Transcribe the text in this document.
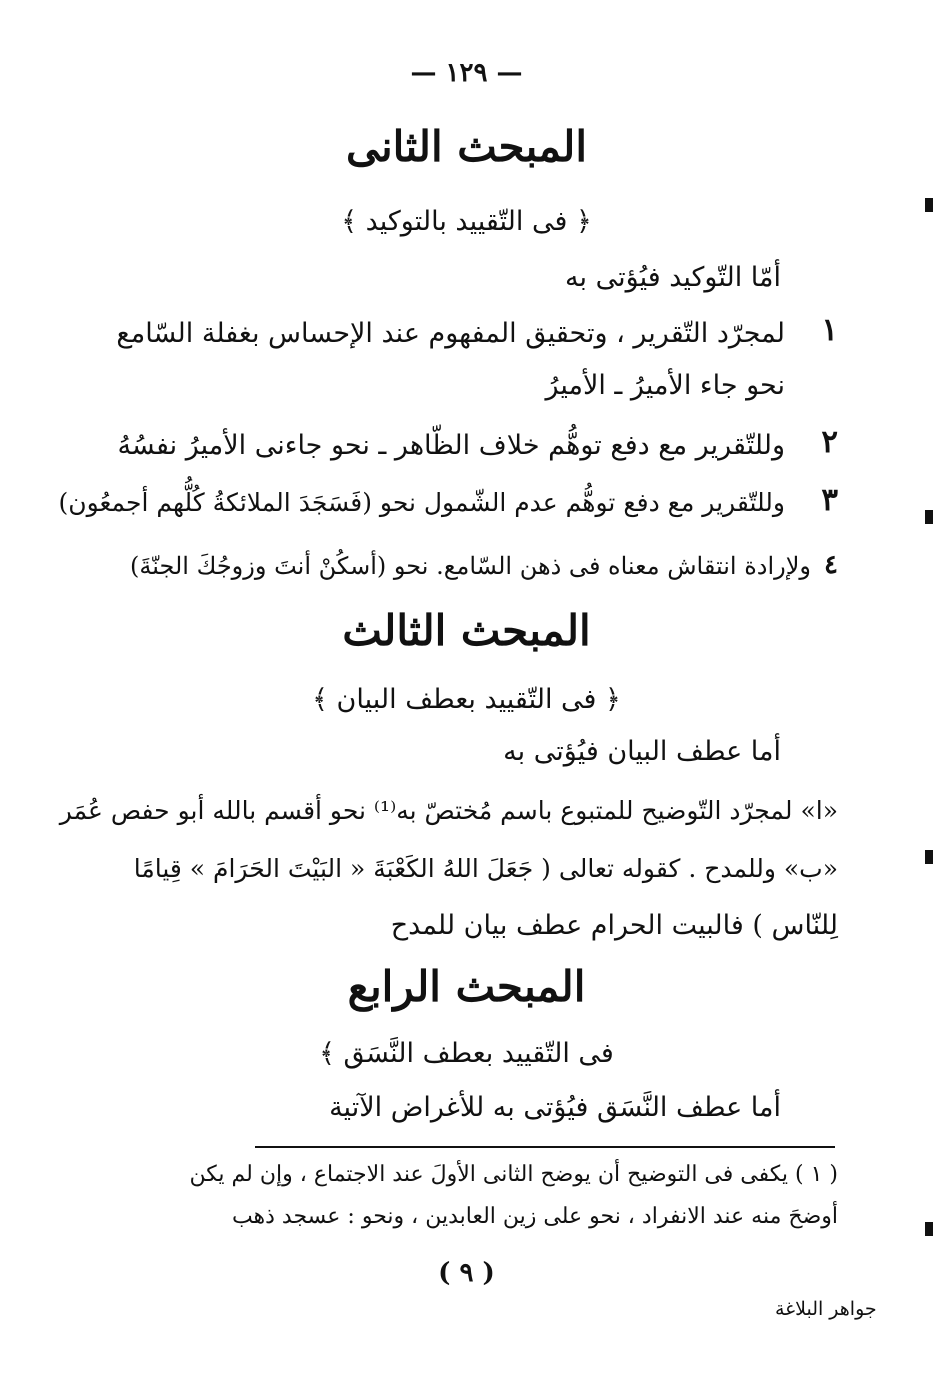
— ١٢٩ —
المبحث الثانى
﴿ فى التّقييد بالتوكيد ﴾
أمّا التّوكيد فيُؤتى به
١
لمجرّد التّقرير ، وتحقيق المفهوم عند الإحساس بغفلة السّامع
نحو جاء الأميرُ ـ الأميرُ
٢
وللتّقرير مع دفع توهُّم خلاف الظّاهر ـ نحو جاءنى الأميرُ نفسُهُ
٣
وللتّقرير مع دفع توهُّم عدم الشّمول نحو (فَسَجَدَ الملائكةُ كُلُّهم أجمعُون)
٤
ولإرادة انتقاش معناه فى ذهن السّامع. نحو (أسكُنْ أنتَ وزوجُكَ الجنّةَ)
المبحث الثالث
﴿ فى التّقييد بعطف البيان ﴾
أما عطف البيان فيُؤتى به
«ا» لمجرّد التّوضيح للمتبوع باسم مُختصّ به⁽¹⁾ نحو أقسم بالله أبو حفص عُمَر
«ب» وللمدح . كقوله تعالى ( جَعَلَ اللهُ الكَعْبَةَ « البَيْتَ الحَرَامَ » قِيامًا
لِلنّاس ) فالبيت الحرام عطف بيان للمدح
المبحث الرابع
فى التّقييد بعطف النَّسَق ﴾
أما عطف النَّسَق فيُؤتى به للأغراض الآتية
( ١ ) يكفى فى التوضيح أن يوضح الثانى الأولَ عند الاجتماع ، وإن لم يكن
أوضحَ منه عند الانفراد ، نحو على زين العابدين ، ونحو : عسجد ذهب
( ٩ )
جواهر البلاغة
